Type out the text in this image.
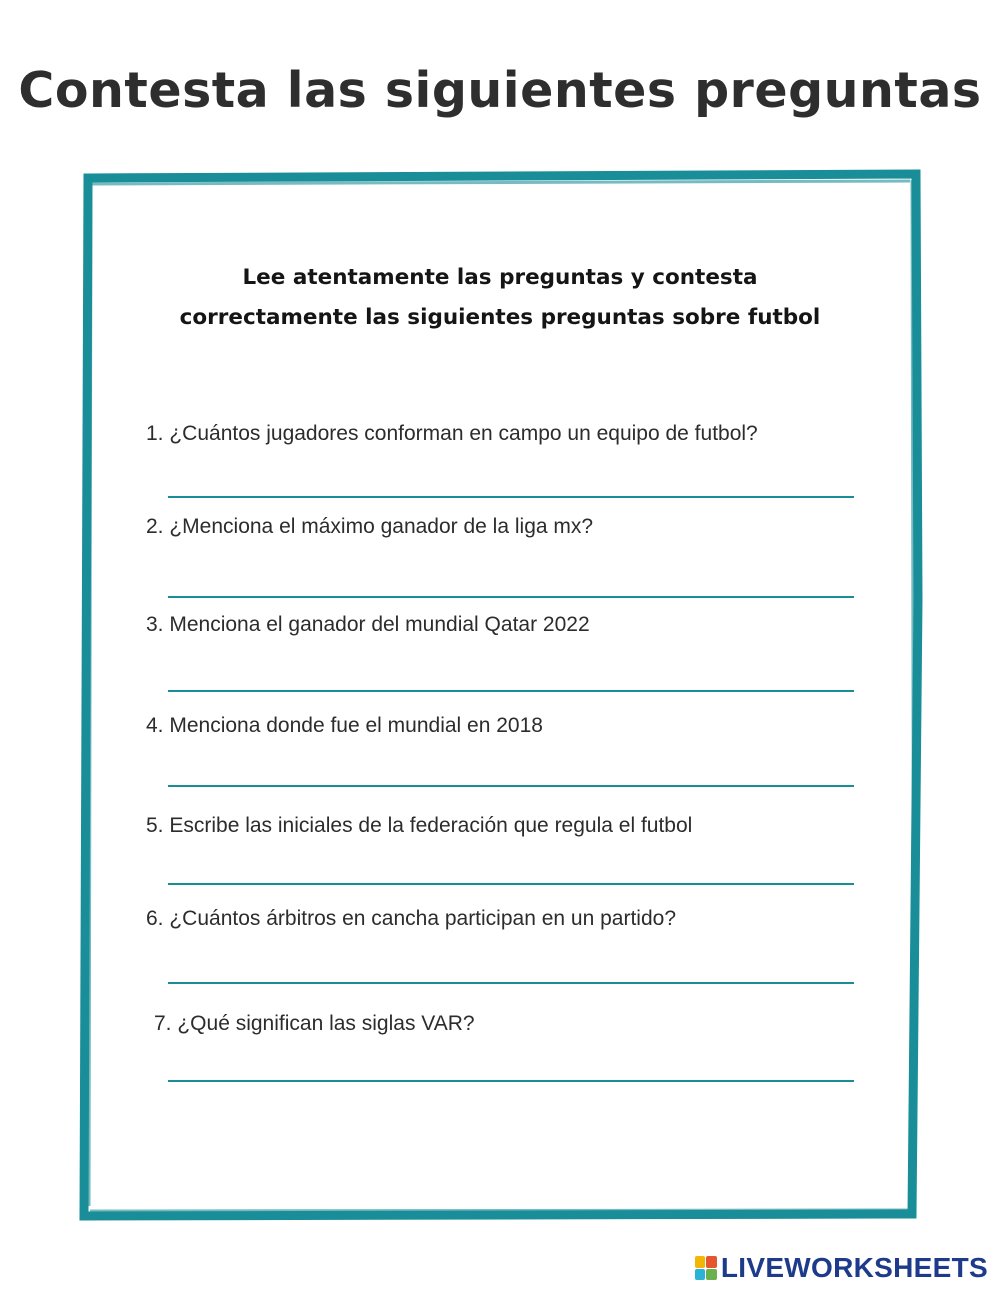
Contesta las siguientes preguntas
Lee atentamente las preguntas y contesta
correctamente las siguientes preguntas sobre futbol
1. ¿Cuántos jugadores conforman en campo un equipo de futbol?
2. ¿Menciona el máximo ganador de la liga mx?
3. Menciona el ganador del mundial Qatar 2022
4. Menciona donde fue el mundial en 2018
5. Escribe las iniciales de la federación que regula el futbol
6. ¿Cuántos árbitros en cancha participan en un partido?
7. ¿Qué significan las siglas VAR?
LIVEWORKSHEETS
